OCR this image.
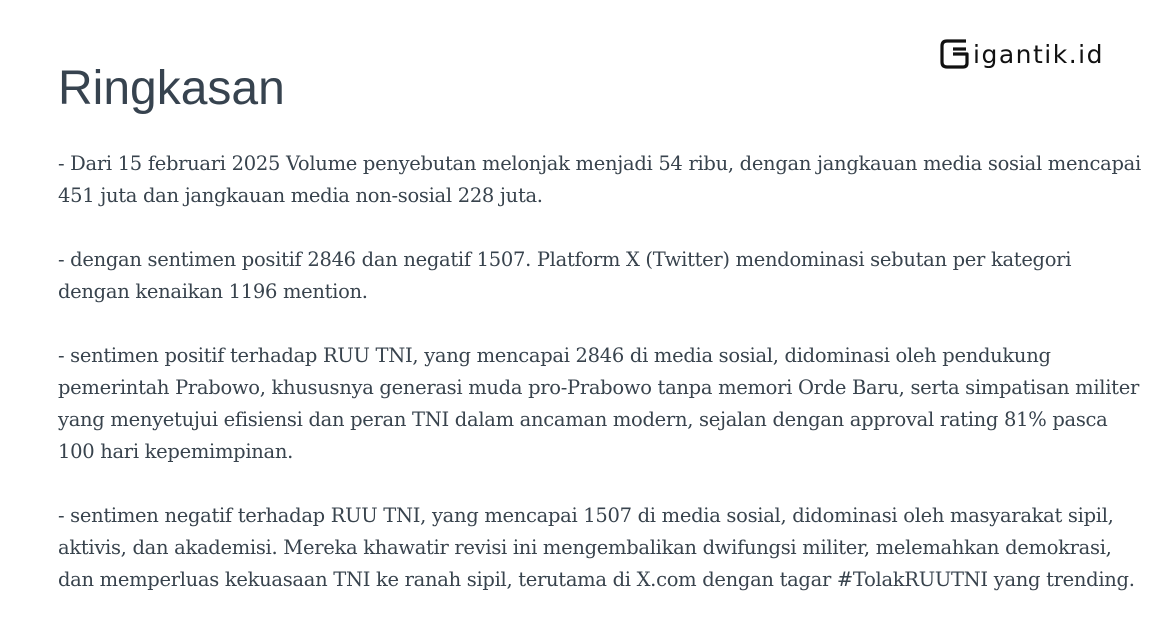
igantik.id
Ringkasan

- Dari 15 februari 2025 Volume penyebutan melonjak menjadi 54 ribu, dengan jangkauan media sosial mencapai 451 juta dan jangkauan media non-sosial 228 juta.

- dengan sentimen positif 2846 dan negatif 1507. Platform X (Twitter) mendominasi sebutan per kategori dengan kenaikan 1196 mention.

- sentimen positif terhadap RUU TNI, yang mencapai 2846 di media sosial, didominasi oleh pendukung pemerintah Prabowo, khususnya generasi muda pro-Prabowo tanpa memori Orde Baru, serta simpatisan militer yang menyetujui efisiensi dan peran TNI dalam ancaman modern, sejalan dengan approval rating 81% pasca 100 hari kepemimpinan.

- sentimen negatif terhadap RUU TNI, yang mencapai 1507 di media sosial, didominasi oleh masyarakat sipil, aktivis, dan akademisi. Mereka khawatir revisi ini mengembalikan dwifungsi militer, melemahkan demokrasi, dan memperluas kekuasaan TNI ke ranah sipil, terutama di X.com dengan tagar #TolakRUUTNI yang trending.
